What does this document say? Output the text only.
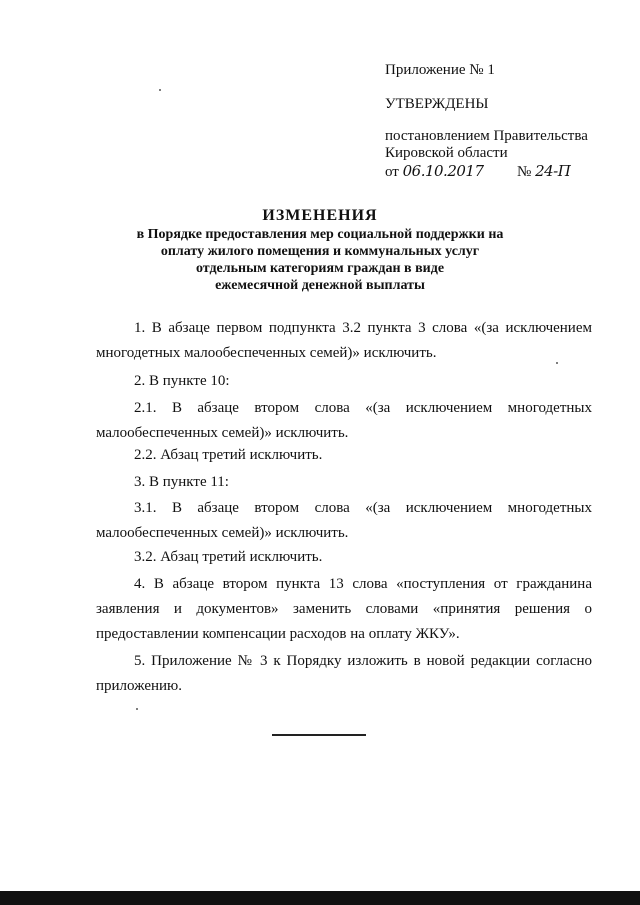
Приложение № 1
УТВЕРЖДЕНЫ
постановлением Правительства
Кировской области
от 06.10.2017 № 24-П
ИЗМЕНЕНИЯ
в Порядке предоставления мер социальной поддержки на
оплату жилого помещения и коммунальных услуг
отдельным категориям граждан в виде
ежемесячной денежной выплаты
1. В абзаце первом подпункта 3.2 пункта 3 слова «(за исключением многодетных малообеспеченных семей)» исключить.
2. В пункте 10:
2.1. В абзаце втором слова «(за исключением многодетных малообеспеченных семей)» исключить.
2.2. Абзац третий исключить.
3. В пункте 11:
3.1. В абзаце втором слова «(за исключением многодетных малообеспеченных семей)» исключить.
3.2. Абзац третий исключить.
4. В абзаце втором пункта 13 слова «поступления от гражданина заявления и документов» заменить словами «принятия решения о предоставлении компенсации расходов на оплату ЖКУ».
5. Приложение № 3 к Порядку изложить в новой редакции согласно приложению.
